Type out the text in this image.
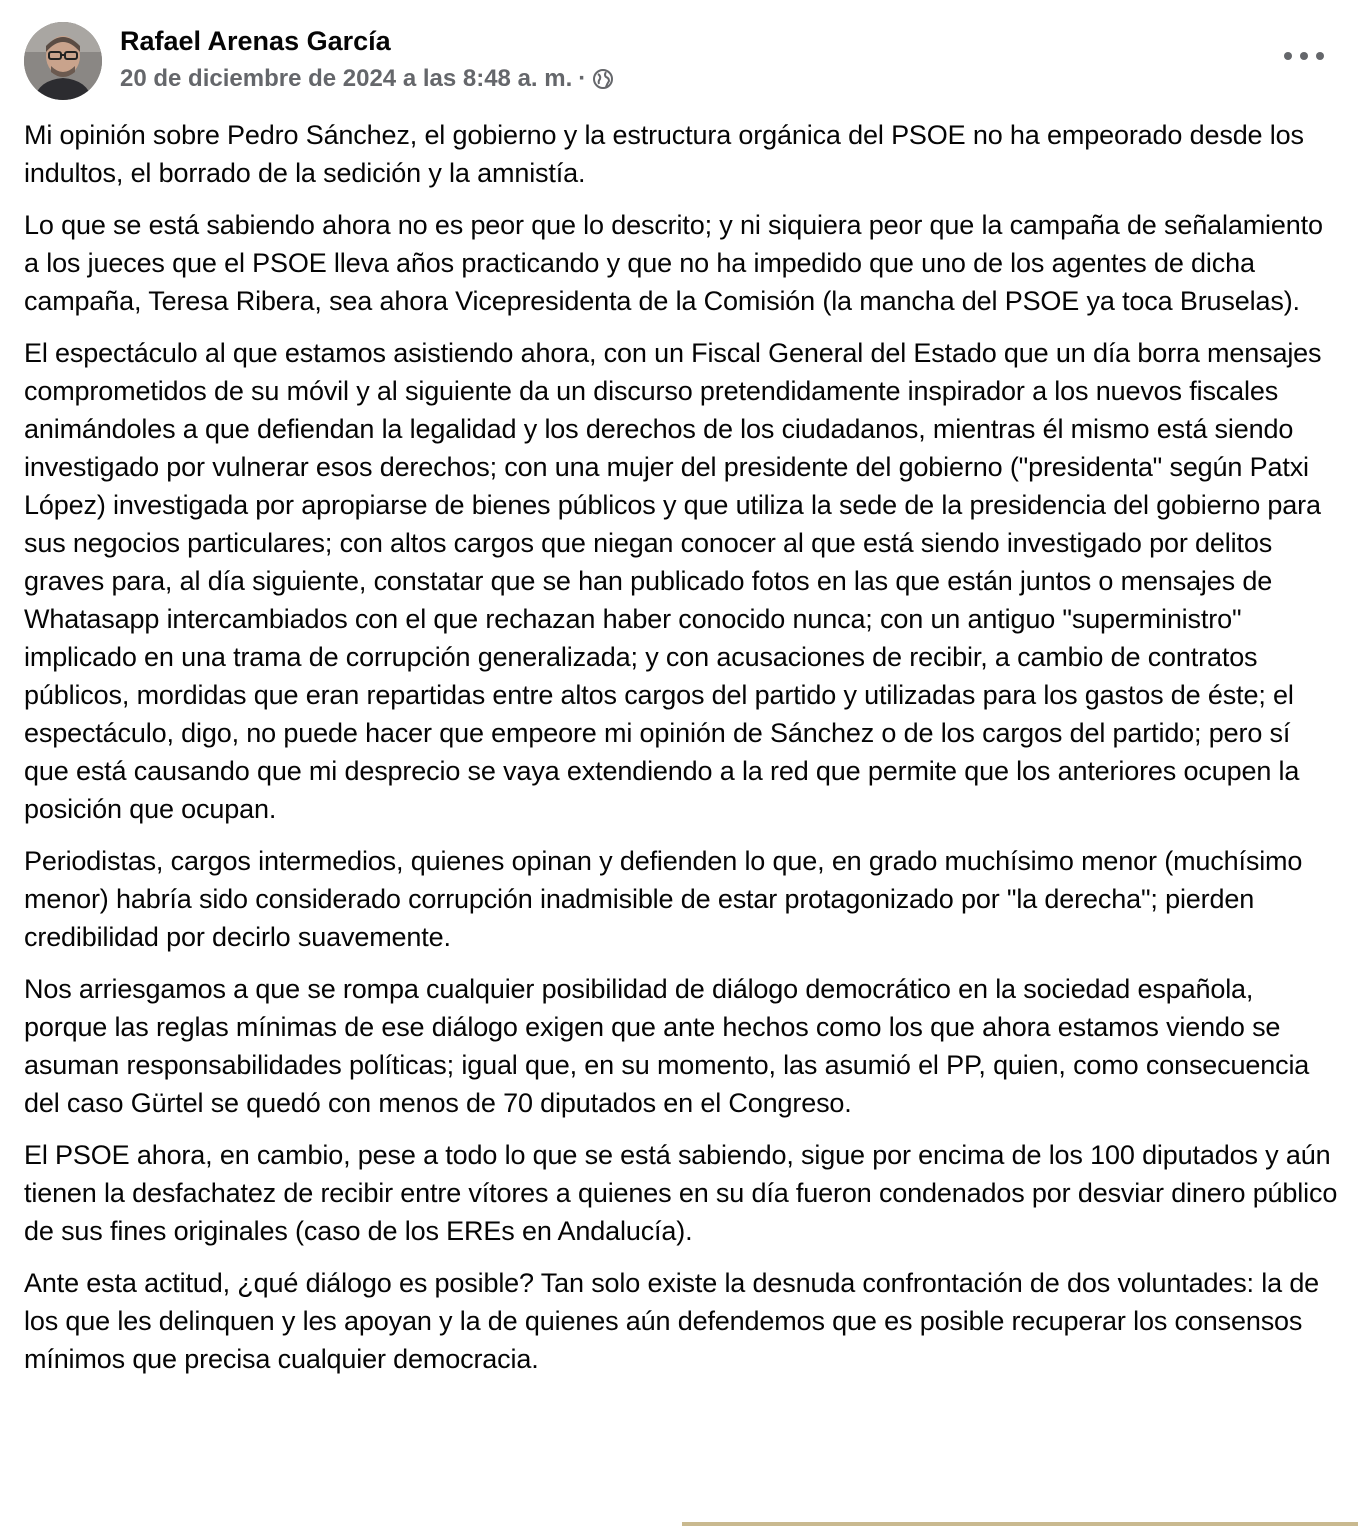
Rafael Arenas García
20 de diciembre de 2024 a las 8:48 a. m. ·

Mi opinión sobre Pedro Sánchez, el gobierno y la estructura orgánica del PSOE no ha empeorado desde los indultos, el borrado de la sedición y la amnistía.

Lo que se está sabiendo ahora no es peor que lo descrito; y ni siquiera peor que la campaña de señalamiento a los jueces que el PSOE lleva años practicando y que no ha impedido que uno de los agentes de dicha campaña, Teresa Ribera, sea ahora Vicepresidenta de la Comisión (la mancha del PSOE ya toca Bruselas).

El espectáculo al que estamos asistiendo ahora, con un Fiscal General del Estado que un día borra mensajes comprometidos de su móvil y al siguiente da un discurso pretendidamente inspirador a los nuevos fiscales animándoles a que defiendan la legalidad y los derechos de los ciudadanos, mientras él mismo está siendo investigado por vulnerar esos derechos; con una mujer del presidente del gobierno ("presidenta" según Patxi López) investigada por apropiarse de bienes públicos y que utiliza la sede de la presidencia del gobierno para sus negocios particulares; con altos cargos que niegan conocer al que está siendo investigado por delitos graves para, al día siguiente, constatar que se han publicado fotos en las que están juntos o mensajes de Whatasapp intercambiados con el que rechazan haber conocido nunca; con un antiguo "superministro" implicado en una trama de corrupción generalizada; y con acusaciones de recibir, a cambio de contratos públicos, mordidas que eran repartidas entre altos cargos del partido y utilizadas para los gastos de éste; el espectáculo, digo, no puede hacer que empeore mi opinión de Sánchez o de los cargos del partido; pero sí que está causando que mi desprecio se vaya extendiendo a la red que permite que los anteriores ocupen la posición que ocupan.

Periodistas, cargos intermedios, quienes opinan y defienden lo que, en grado muchísimo menor (muchísimo menor) habría sido considerado corrupción inadmisible de estar protagonizado por "la derecha"; pierden credibilidad por decirlo suavemente.

Nos arriesgamos a que se rompa cualquier posibilidad de diálogo democrático en la sociedad española, porque las reglas mínimas de ese diálogo exigen que ante hechos como los que ahora estamos viendo se asuman responsabilidades políticas; igual que, en su momento, las asumió el PP, quien, como consecuencia del caso Gürtel se quedó con menos de 70 diputados en el Congreso.

El PSOE ahora, en cambio, pese a todo lo que se está sabiendo, sigue por encima de los 100 diputados y aún tienen la desfachatez de recibir entre vítores a quienes en su día fueron condenados por desviar dinero público de sus fines originales (caso de los EREs en Andalucía).

Ante esta actitud, ¿qué diálogo es posible? Tan solo existe la desnuda confrontación de dos voluntades: la de los que les delinquen y les apoyan y la de quienes aún defendemos que es posible recuperar los consensos mínimos que precisa cualquier democracia.
